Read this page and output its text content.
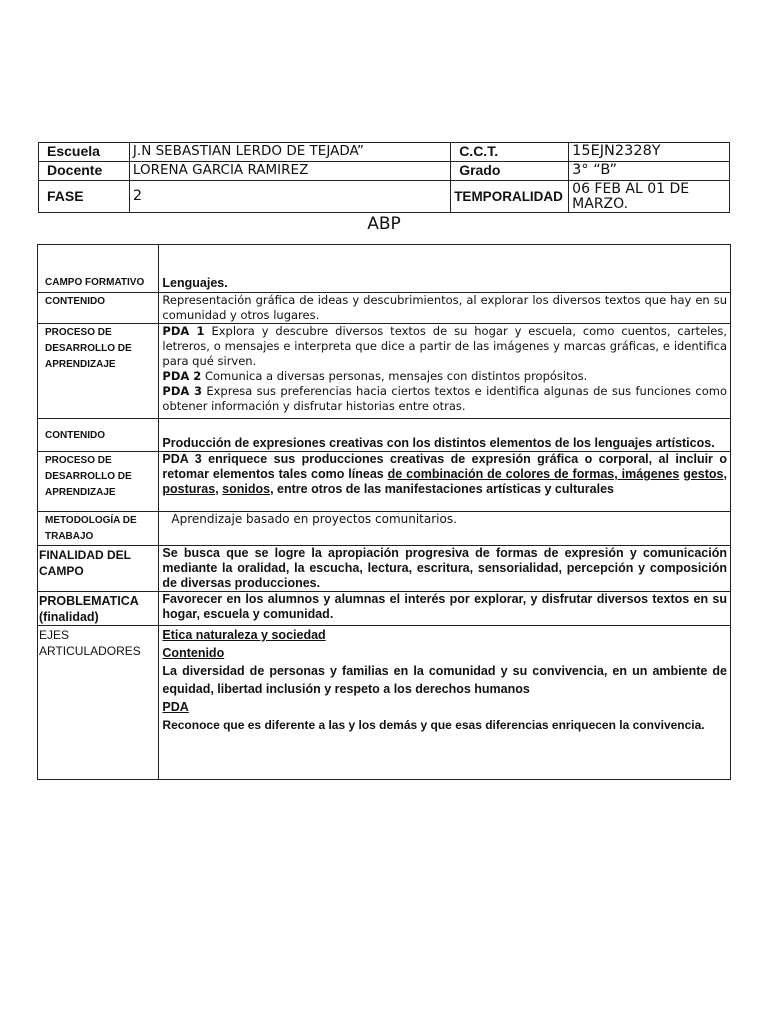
Escuela	J.N SEBASTIAN LERDO DE TEJADA”	C.C.T.	15EJN2328Y
Docente	LORENA GARCIA RAMIREZ	Grado	3° “B”
FASE	2	TEMPORALIDAD	06 FEB AL 01 DE MARZO.
ABP
CAMPO FORMATIVO	Lenguajes.
CONTENIDO	Representación gráfica de ideas y descubrimientos, al explorar los diversos textos que hay en su comunidad y otros lugares.
PROCESO DE DESARROLLO DE APRENDIZAJE	PDA 1 Explora y descubre diversos textos de su hogar y escuela, como cuentos, carteles, letreros, o mensajes e interpreta que dice a partir de las imágenes y marcas gráficas, e identifica para qué sirven.

PDA 2 Comunica a diversas personas, mensajes con distintos propósitos.

PDA 3 Expresa sus preferencias hacia ciertos textos e identifica algunas de sus funciones como obtener información y disfrutar historias entre otras.

CONTENIDO	Producción de expresiones creativas con los distintos elementos de los lenguajes artísticos.
PROCESO DE DESARROLLO DE APRENDIZAJE	PDA 3 enriquece sus producciones creativas de expresión gráfica o corporal, al incluir o retomar elementos tales como líneas de combinación de colores de formas, imágenes gestos, posturas, sonidos, entre otros de las manifestaciones artísticas y culturales
METODOLOGÍA DE TRABAJO	Aprendizaje basado en proyectos comunitarios.
FINALIDAD DEL CAMPO	Se busca que se logre la apropiación progresiva de formas de expresión y comunicación mediante la oralidad, la escucha, lectura, escritura, sensorialidad, percepción y composición de diversas producciones.
PROBLEMATICA (finalidad)	Favorecer en los alumnos y alumnas el interés por explorar, y disfrutar diversos textos en su hogar, escuela y comunidad.
EJES ARTICULADORES	Etica naturaleza y sociedad

Contenido

La diversidad de personas y familias en la comunidad y su convivencia, en un ambiente de equidad, libertad inclusión y respeto a los derechos humanos

PDA

Reconoce que es diferente a las y los demás y que esas diferencias enriquecen la convivencia.
